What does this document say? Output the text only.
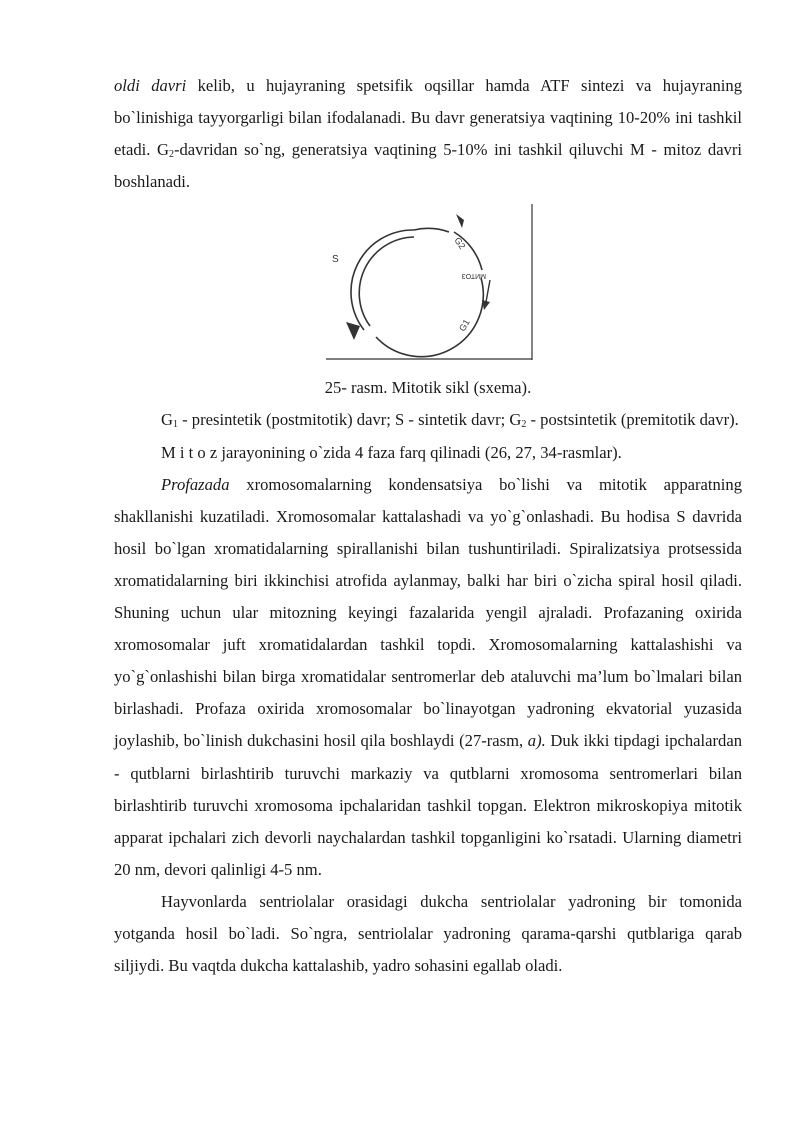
oldi davri kelib, u hujayraning spetsifik oqsillar hamda ATF sintezi va hujayraning bo`linishiga tayyorgarligi bilan ifodalanadi. Bu davr generatsiya vaqtining 10-20% ini tashkil etadi. $G_2$-davridan so`ng, generatsiya vaqtining 5-10% ini tashkil qiluvchi M - mitoz davri boshlanadi.

S
G2
MИТОЗ
G1

25- rasm. Mitotik sikl (sxema).

$G_1$ - presintetik (postmitotik) davr; S - sintetik davr; $G_2$ - postsintetik (premitotik davr).

M i t o z jarayonining o`zida 4 faza farq qilinadi (26, 27, 34-rasmlar).

Profazada xromosomalarning kondensatsiya bo`lishi va mitotik apparatning shakllanishi kuzatiladi. Xromosomalar kattalashadi va yo`g`onlashadi. Bu hodisa S davrida hosil bo`lgan xromatidalarning spirallanishi bilan tushuntiriladi. Spiralizatsiya protsessida xromatidalarning biri ikkinchisi atrofida aylanmay, balki har biri o`zicha spiral hosil qiladi. Shuning uchun ular mitozning keyingi fazalarida yengil ajraladi. Profazaning oxirida xromosomalar juft xromatidalardan tashkil topdi. Xromosomalarning kattalashishi va yo`g`onlashishi bilan birga xromatidalar sentromerlar deb ataluvchi ma’lum bo`lmalari bilan birlashadi. Profaza oxirida xromosomalar bo`linayotgan yadroning ekvatorial yuzasida joylashib, bo`linish dukchasini hosil qila boshlaydi (27-rasm, a). Duk ikki tipdagi ipchalardan - qutblarni birlashtirib turuvchi markaziy va qutblarni xromosoma sentromerlari bilan birlashtirib turuvchi xromosoma ipchalaridan tashkil topgan. Elektron mikroskopiya mitotik apparat ipchalari zich devorli naychalardan tashkil topganligini ko`rsatadi. Ularning diametri 20 nm, devori qalinligi 4-5 nm.

Hayvonlarda sentriolalar orasidagi dukcha sentriolalar yadroning bir tomonida yotganda hosil bo`ladi. So`ngra, sentriolalar yadroning qarama-qarshi qutblariga qarab siljiydi. Bu vaqtda dukcha kattalashib, yadro sohasini egallab oladi.
